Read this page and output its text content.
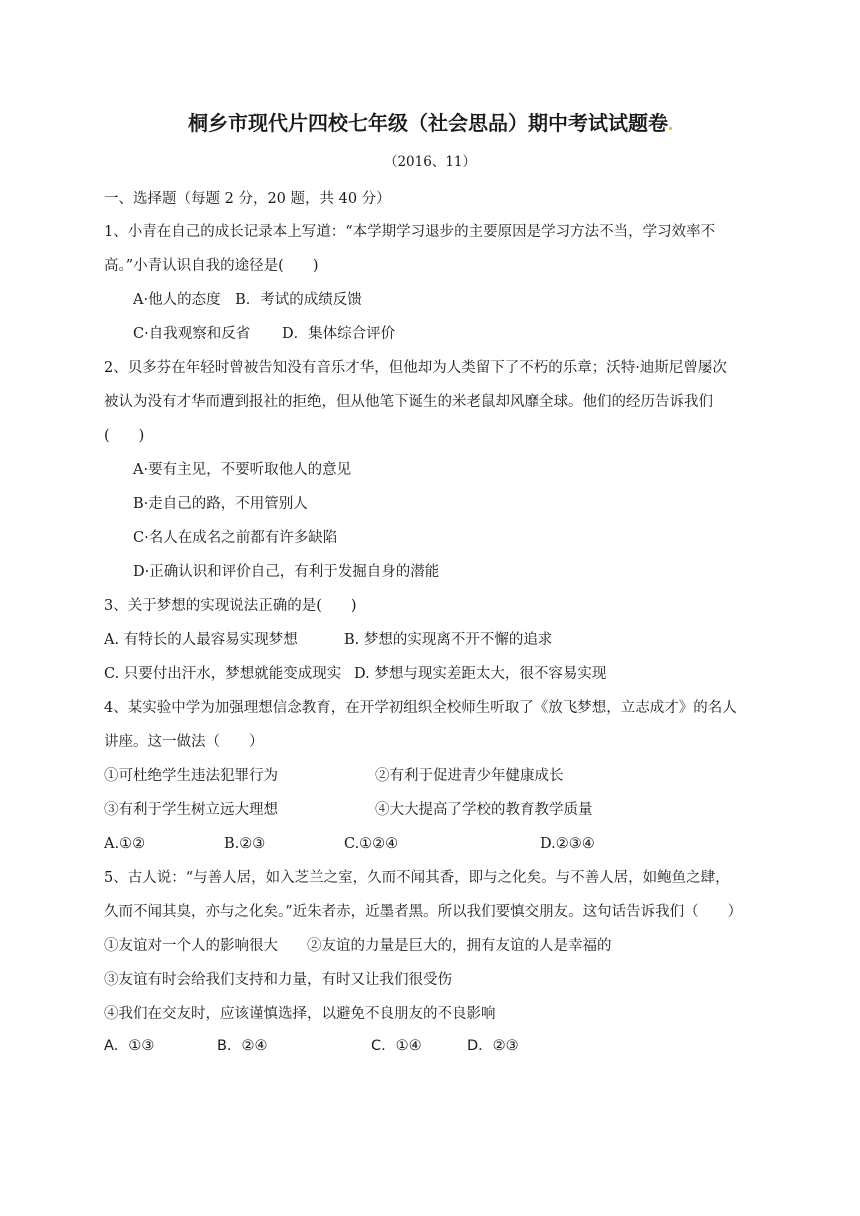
桐乡市现代片四校七年级（社会思品）期中考试试题卷
（2016、11）
一、选择题（每题 2 分，20 题，共 40 分）
1、小青在自己的成长记录本上写道：“本学期学习退步的主要原因是学习方法不当，学习效率不
高。”小青认识自我的途径是(　　)
A·他人的态度　B．考试的成绩反馈
C·自我观察和反省 D．集体综合评价
2、贝多芬在年轻时曾被告知没有音乐才华，但他却为人类留下了不朽的乐章；沃特·迪斯尼曾屡次
被认为没有才华而遭到报社的拒绝，但从他笔下诞生的米老鼠却风靡全球。他们的经历告诉我们
(　　)
A·要有主见，不要听取他人的意见
B·走自己的路，不用管别人
C·名人在成名之前都有许多缺陷
D·正确认识和评价自己，有利于发掘自身的潜能
3、关于梦想的实现说法正确的是(　　)
A. 有特长的人最容易实现梦想	B. 梦想的实现离不开不懈的追求
C. 只要付出汗水，梦想就能变成现实 D. 梦想与现实差距太大，很不容易实现
4、某实验中学为加强理想信念教育，在开学初组织全校师生听取了《放飞梦想，立志成才》的名人
讲座。这一做法（　　）
①可杜绝学生违法犯罪行为	②有利于促进青少年健康成长
③有利于学生树立远大理想	④大大提高了学校的教育教学质量
A.①②	B.②③	C.①②④	D.②③④
5、古人说：“与善人居，如入芝兰之室，久而不闻其香，即与之化矣。与不善人居，如鲍鱼之肆，
久而不闻其臭，亦与之化矣。”近朱者赤，近墨者黑。所以我们要慎交朋友。这句话告诉我们（　　）
①友谊对一个人的影响很大 ②友谊的力量是巨大的，拥有友谊的人是幸福的
③友谊有时会给我们支持和力量，有时又让我们很受伤
④我们在交友时，应该谨慎选择，以避免不良朋友的不良影响
A．①③	B．②④	C．①④	D．②③
